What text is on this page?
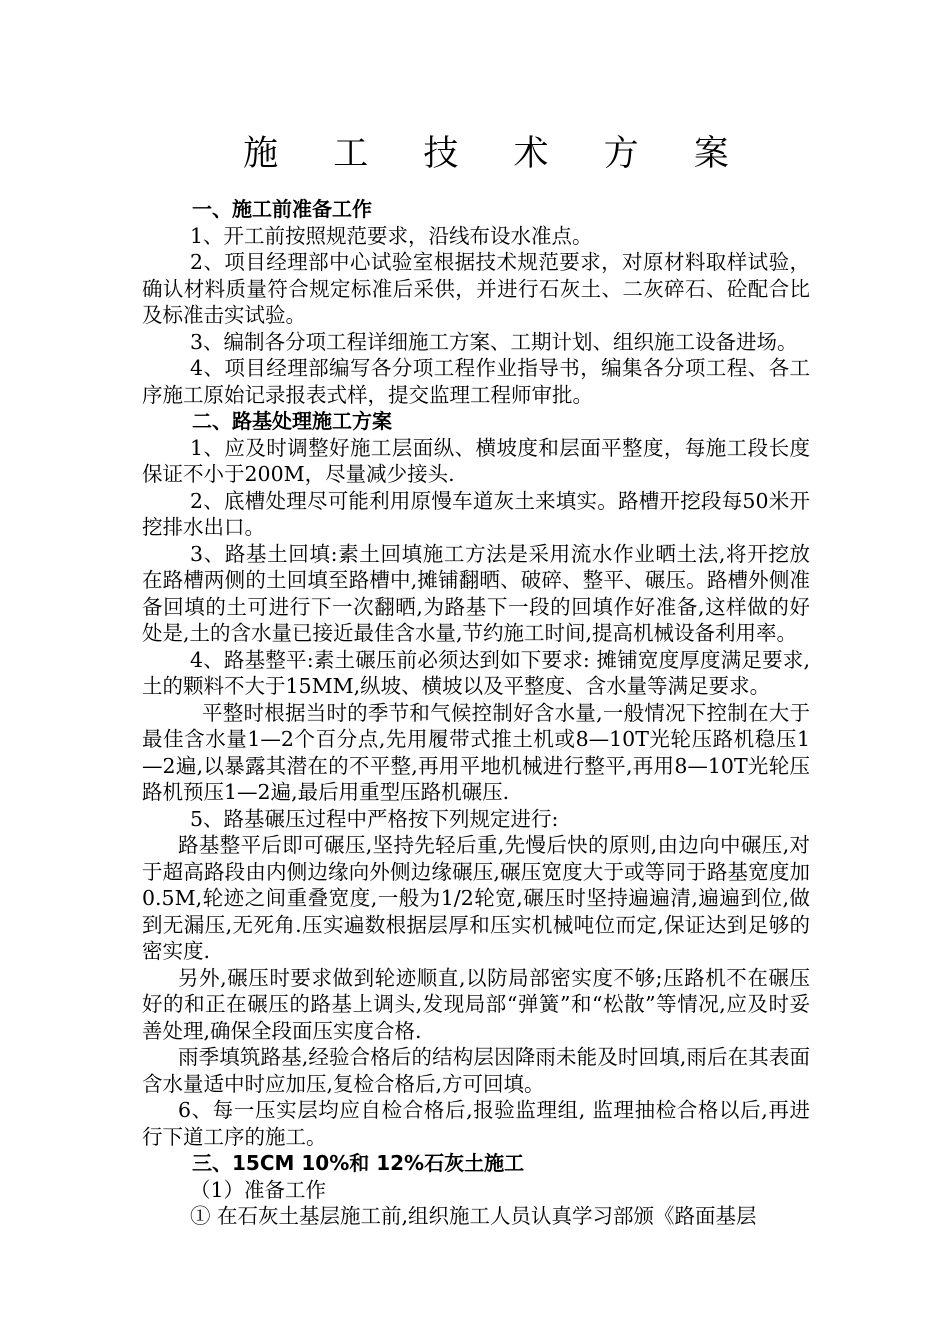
施 工 技 术 方 案

一、施工前准备工作

1、开工前按照规范要求，沿线布设水准点。

2、项目经理部中心试验室根据技术规范要求，对原材料取样试验，确认材料质量符合规定标准后采供，并进行石灰土、二灰碎石、砼配合比及标准击实试验。

3、编制各分项工程详细施工方案、工期计划、组织施工设备进场。

4、项目经理部编写各分项工程作业指导书，编集各分项工程、各工序施工原始记录报表式样，提交监理工程师审批。

二、路基处理施工方案

1、应及时调整好施工层面纵、横坡度和层面平整度，每施工段长度保证不小于200M，尽量减少接头.

2、底槽处理尽可能利用原慢车道灰土来填实。路槽开挖段每50米开挖排水出口。

3、路基土回填:素土回填施工方法是采用流水作业晒土法,将开挖放在路槽两侧的土回填至路槽中,摊铺翻晒、破碎、整平、碾压。路槽外侧准备回填的土可进行下一次翻晒,为路基下一段的回填作好准备,这样做的好处是,土的含水量已接近最佳含水量,节约施工时间,提高机械设备利用率。

4、路基整平:素土碾压前必须达到如下要求: 摊铺宽度厚度满足要求,土的颗料不大于15MM,纵坡、横坡以及平整度、含水量等满足要求。

平整时根据当时的季节和气候控制好含水量,一般情况下控制在大于最佳含水量1—2个百分点,先用履带式推土机或8—10T光轮压路机稳压1—2遍,以暴露其潜在的不平整,再用平地机械进行整平,再用8—10T光轮压路机预压1—2遍,最后用重型压路机碾压.

5、路基碾压过程中严格按下列规定进行:

路基整平后即可碾压,坚持先轻后重,先慢后快的原则,由边向中碾压,对于超高路段由内侧边缘向外侧边缘碾压,碾压宽度大于或等同于路基宽度加0.5M,轮迹之间重叠宽度,一般为1/2轮宽,碾压时坚持遍遍清,遍遍到位,做到无漏压,无死角.压实遍数根据层厚和压实机械吨位而定,保证达到足够的密实度.

另外,碾压时要求做到轮迹顺直,以防局部密实度不够;压路机不在碾压好的和正在碾压的路基上调头,发现局部“弹簧”和“松散”等情况,应及时妥善处理,确保全段面压实度合格.

雨季填筑路基,经验合格后的结构层因降雨未能及时回填,雨后在其表面含水量适中时应加压,复检合格后,方可回填。

6、每一压实层均应自检合格后,报验监理组, 监理抽检合格以后,再进行下道工序的施工。

三、15CM 10%和 12%石灰土施工

（1）准备工作

① 在石灰土基层施工前,组织施工人员认真学习部颁《路面基层
